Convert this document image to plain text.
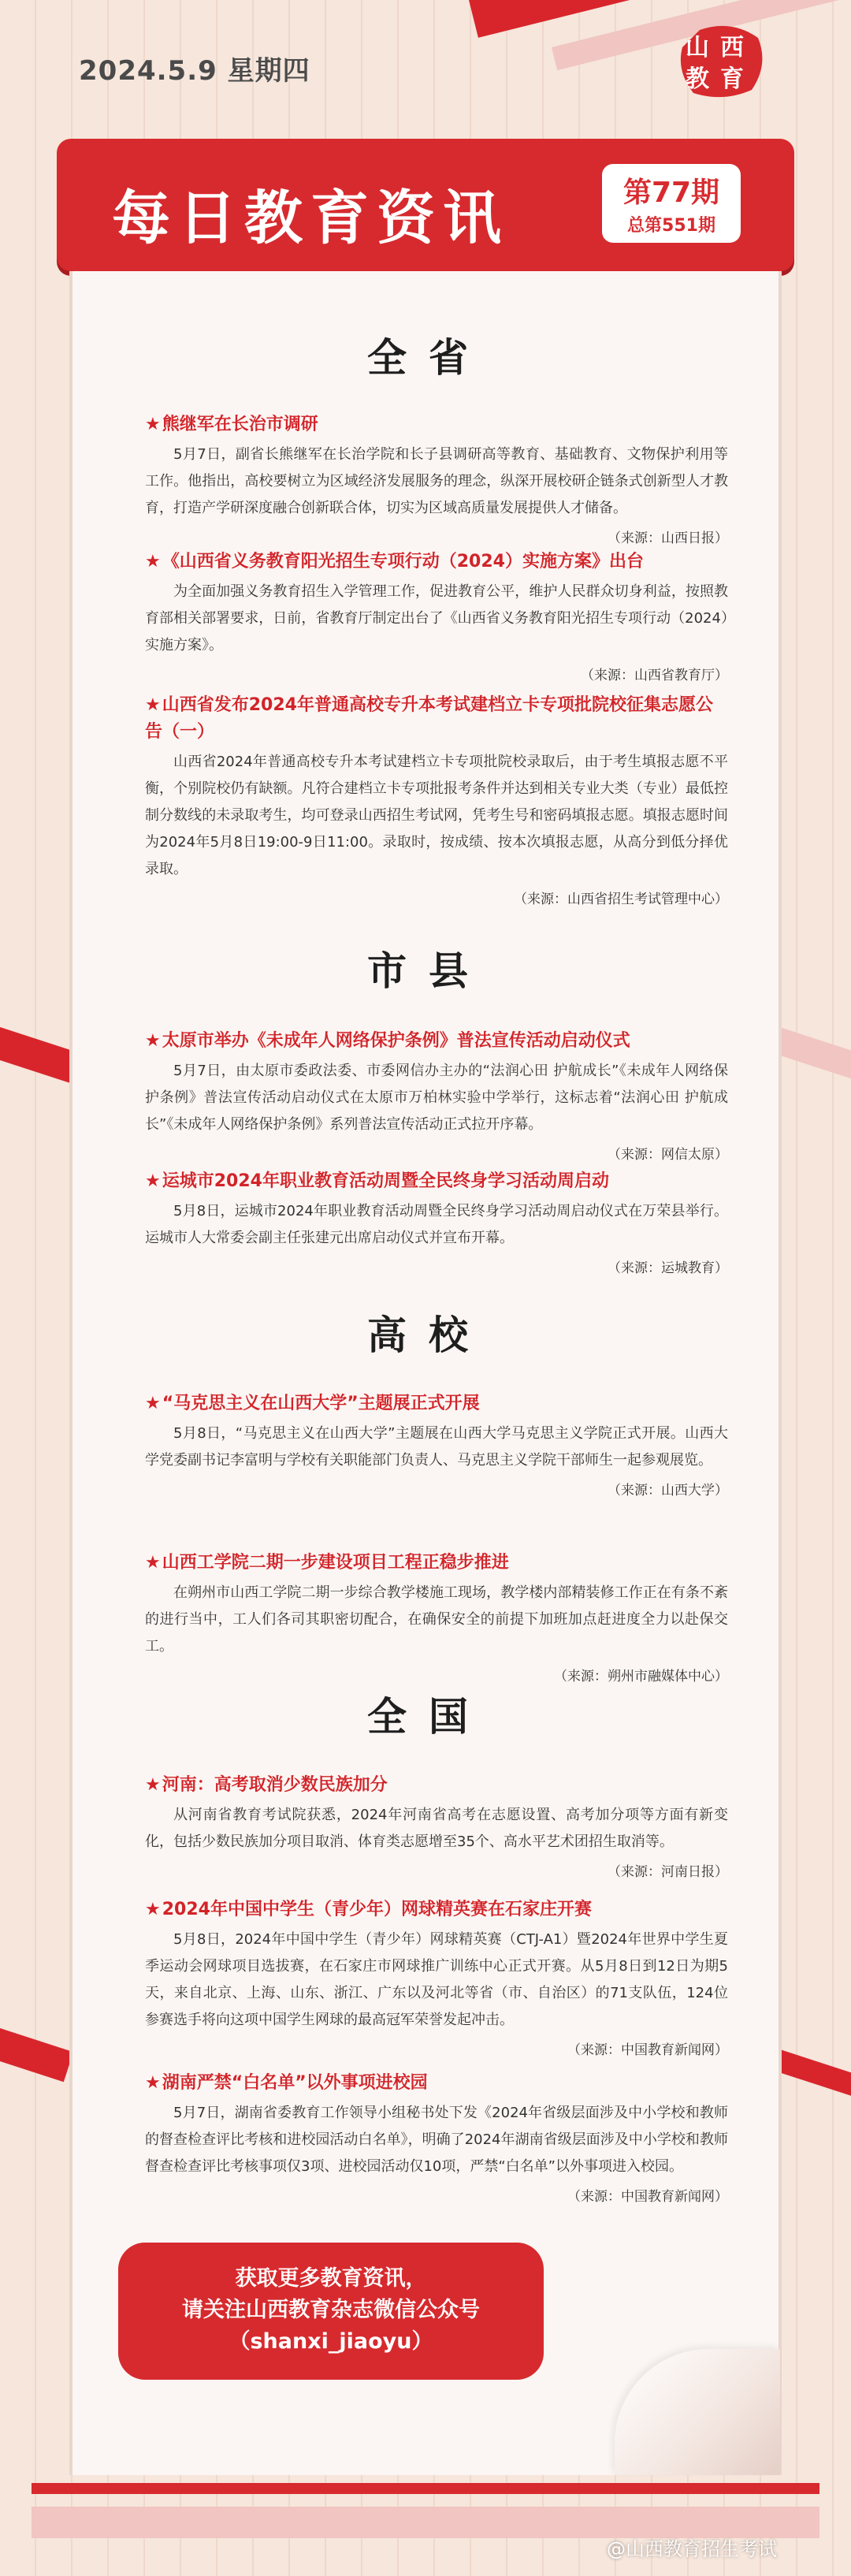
2024.5.9 星期四
山 西
教 育
每日教育资讯	第77期
总第551期
全省
★熊继军在长治市调研
5月7日，副省长熊继军在长治学院和长子县调研高等教育、基础教育、文物保护利用等工作。他指出，高校要树立为区域经济发展服务的理念，纵深开展校研企链条式创新型人才教育，打造产学研深度融合创新联合体，切实为区域高质量发展提供人才储备。
（来源：山西日报）
★《山西省义务教育阳光招生专项行动（2024）实施方案》出台
为全面加强义务教育招生入学管理工作，促进教育公平，维护人民群众切身利益，按照教育部相关部署要求，日前，省教育厅制定出台了《山西省义务教育阳光招生专项行动（2024）实施方案》。
（来源：山西省教育厅）
★山西省发布2024年普通高校专升本考试建档立卡专项批院校征集志愿公告（一）
山西省2024年普通高校专升本考试建档立卡专项批院校录取后，由于考生填报志愿不平衡，个别院校仍有缺额。凡符合建档立卡专项批报考条件并达到相关专业大类（专业）最低控制分数线的未录取考生，均可登录山西招生考试网，凭考生号和密码填报志愿。填报志愿时间为2024年5月8日19:00-9日11:00。录取时，按成绩、按本次填报志愿，从高分到低分择优录取。
（来源：山西省招生考试管理中心）
市县
★太原市举办《未成年人网络保护条例》普法宣传活动启动仪式
5月7日，由太原市委政法委、市委网信办主办的“法润心田 护航成长”《未成年人网络保护条例》普法宣传活动启动仪式在太原市万柏林实验中学举行，这标志着“法润心田 护航成长”《未成年人网络保护条例》系列普法宣传活动正式拉开序幕。
（来源：网信太原）
★运城市2024年职业教育活动周暨全民终身学习活动周启动
5月8日，运城市2024年职业教育活动周暨全民终身学习活动周启动仪式在万荣县举行。运城市人大常委会副主任张建元出席启动仪式并宣布开幕。
（来源：运城教育）
高校
★“马克思主义在山西大学”主题展正式开展
5月8日，“马克思主义在山西大学”主题展在山西大学马克思主义学院正式开展。山西大学党委副书记李富明与学校有关职能部门负责人、马克思主义学院干部师生一起参观展览。
（来源：山西大学）
★山西工学院二期一步建设项目工程正稳步推进
在朔州市山西工学院二期一步综合教学楼施工现场，教学楼内部精装修工作正在有条不紊的进行当中，工人们各司其职密切配合，在确保安全的前提下加班加点赶进度全力以赴保交工。
（来源：朔州市融媒体中心）
全国
★河南：高考取消少数民族加分
从河南省教育考试院获悉，2024年河南省高考在志愿设置、高考加分项等方面有新变化，包括少数民族加分项目取消、体育类志愿增至35个、高水平艺术团招生取消等。
（来源：河南日报）
★2024年中国中学生（青少年）网球精英赛在石家庄开赛
5月8日，2024年中国中学生（青少年）网球精英赛（CTJ-A1）暨2024年世界中学生夏季运动会网球项目选拔赛，在石家庄市网球推广训练中心正式开赛。从5月8日到12日为期5天，来自北京、上海、山东、浙江、广东以及河北等省（市、自治区）的71支队伍，124位参赛选手将向这项中国学生网球的最高冠军荣誉发起冲击。
（来源：中国教育新闻网）
★湖南严禁“白名单”以外事项进校园
5月7日，湖南省委教育工作领导小组秘书处下发《2024年省级层面涉及中小学校和教师的督查检查评比考核和进校园活动白名单》，明确了2024年湖南省级层面涉及中小学校和教师督查检查评比考核事项仅3项、进校园活动仅10项，严禁“白名单”以外事项进入校园。
（来源：中国教育新闻网）
获取更多教育资讯，
请关注山西教育杂志微信公众号
（shanxi_jiaoyu）
@山西教育招生考试
